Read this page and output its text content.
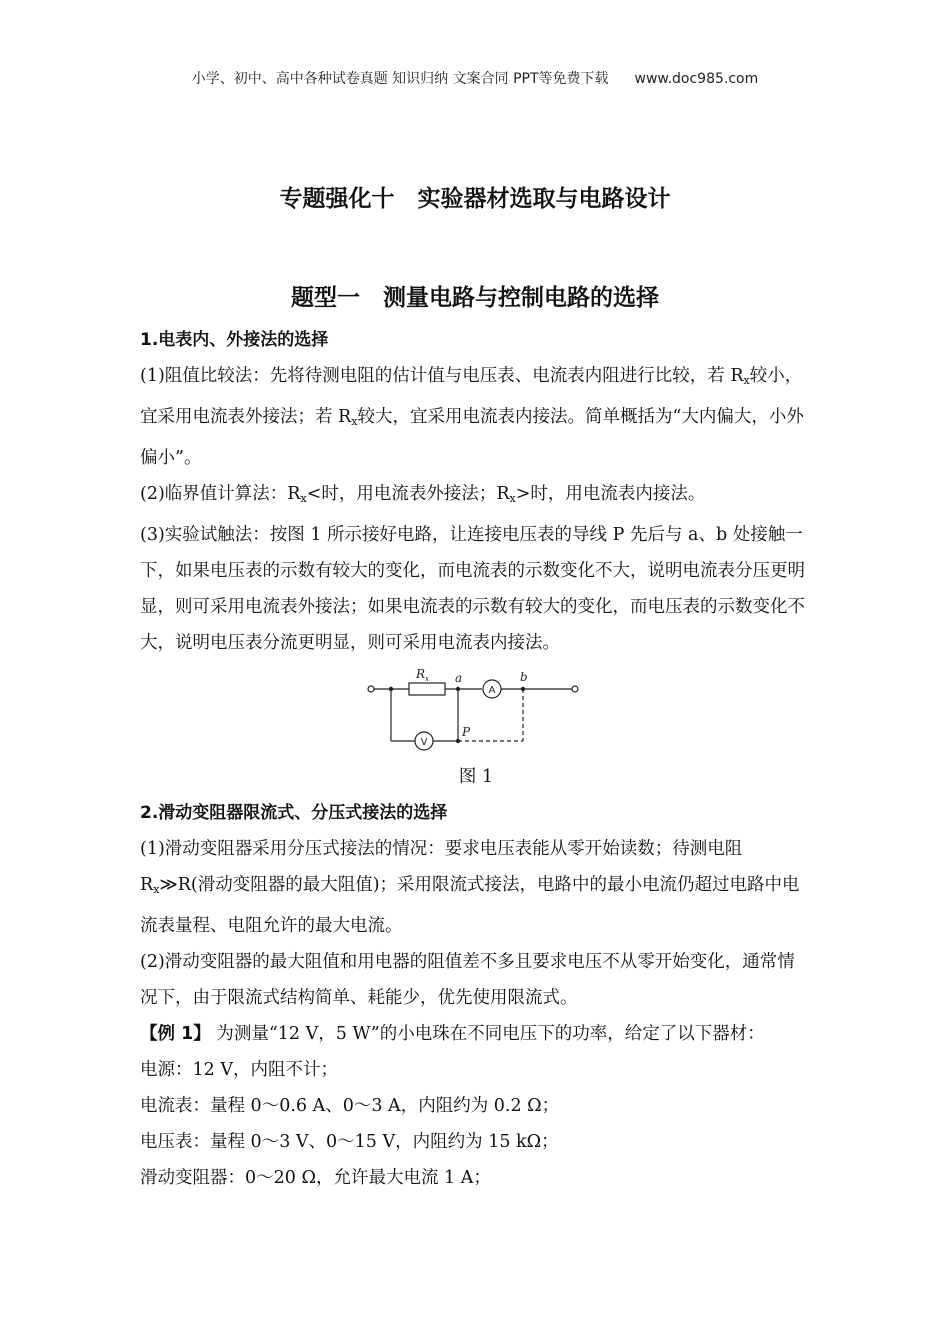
小学、初中、高中各种试卷真题 知识归纳 文案合同 PPT等免费下载 www.doc985.com
专题强化十　实验器材选取与电路设计
题型一　测量电路与控制电路的选择

1.电表内、外接法的选择

(1)阻值比较法：先将待测电阻的估计值与电压表、电流表内阻进行比较，若 $R_x$较小，宜采用电流表外接法；若 $R_x$较大，宜采用电流表内接法。简单概括为“大内偏大，小外偏小”。

(2)临界值计算法：$R_x<$时，用电流表外接法；$R_x>$时，用电流表内接法。

(3)实验试触法：按图 1 所示接好电路，让连接电压表的导线 P 先后与 a、b 处接触一下，如果电压表的示数有较大的变化，而电流表的示数变化不大，说明电流表分压更明显，则可采用电流表外接法；如果电流表的示数有较大的变化，而电压表的示数变化不大，说明电压表分流更明显，则可采用电流表内接法。

R x a	b
P
A
V

图 1

2.滑动变阻器限流式、分压式接法的选择

(1)滑动变阻器采用分压式接法的情况：要求电压表能从零开始读数；待测电阻 $R_x≫R$(滑动变阻器的最大阻值)；采用限流式接法，电路中的最小电流仍超过电路中电流表量程、电阻允许的最大电流。

(2)滑动变阻器的最大阻值和用电器的阻值差不多且要求电压不从零开始变化，通常情况下，由于限流式结构简单、耗能少，优先使用限流式。

【例 1】 为测量“12 V，5 W”的小电珠在不同电压下的功率，给定了以下器材：

电源：12 V，内阻不计；

电流表：量程 0～0.6 A、0～3 A，内阻约为 0.2 Ω；

电压表：量程 0～3 V、0～15 V，内阻约为 15 kΩ；

滑动变阻器：0～20 Ω，允许最大电流 1 A；
